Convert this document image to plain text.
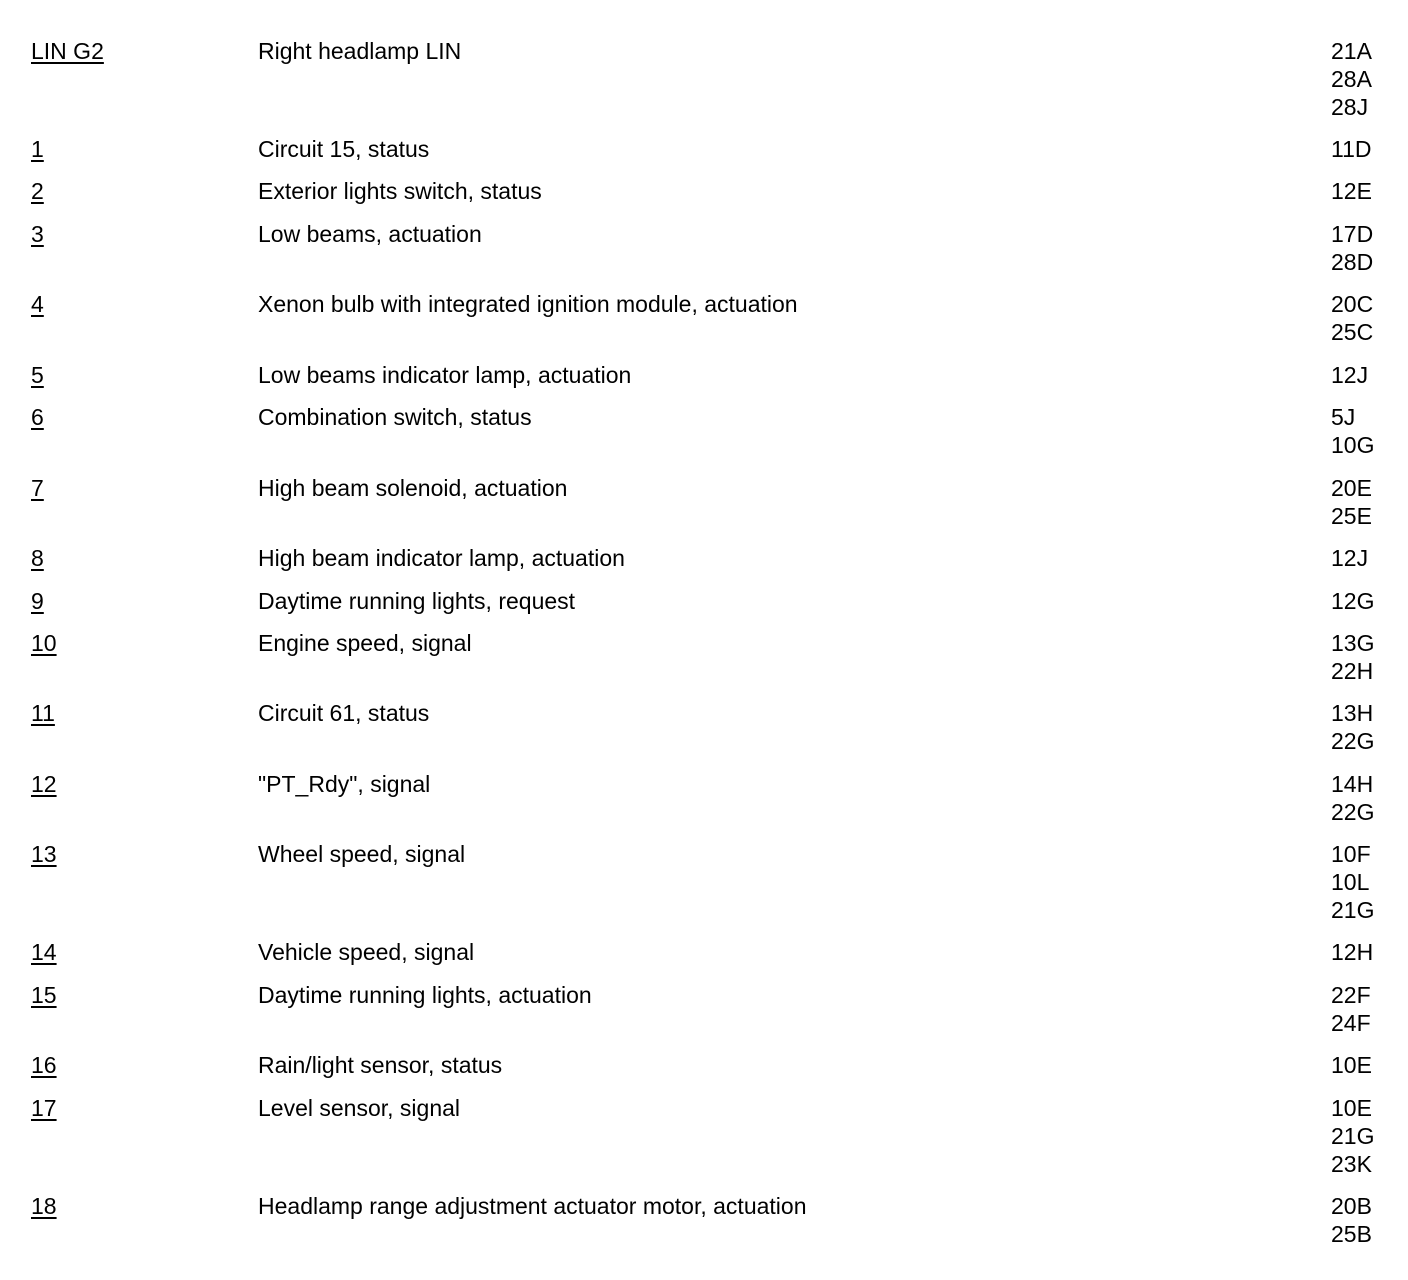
LIN G2	Right headlamp LIN	21A
28A
28J
1	Circuit 15, status	11D
2	Exterior lights switch, status	12E
3	Low beams, actuation	17D
28D
4	Xenon bulb with integrated ignition module, actuation	20C
25C
5	Low beams indicator lamp, actuation	12J
6	Combination switch, status	5J
10G
7	High beam solenoid, actuation	20E
25E
8	High beam indicator lamp, actuation	12J
9	Daytime running lights, request	12G
10	Engine speed, signal	13G
22H
11	Circuit 61, status	13H
22G
12	"PT_Rdy", signal	14H
22G
13	Wheel speed, signal	10F
10L
21G
14	Vehicle speed, signal	12H
15	Daytime running lights, actuation	22F
24F
16	Rain/light sensor, status	10E
17	Level sensor, signal	10E
21G
23K
18	Headlamp range adjustment actuator motor, actuation	20B
25B
